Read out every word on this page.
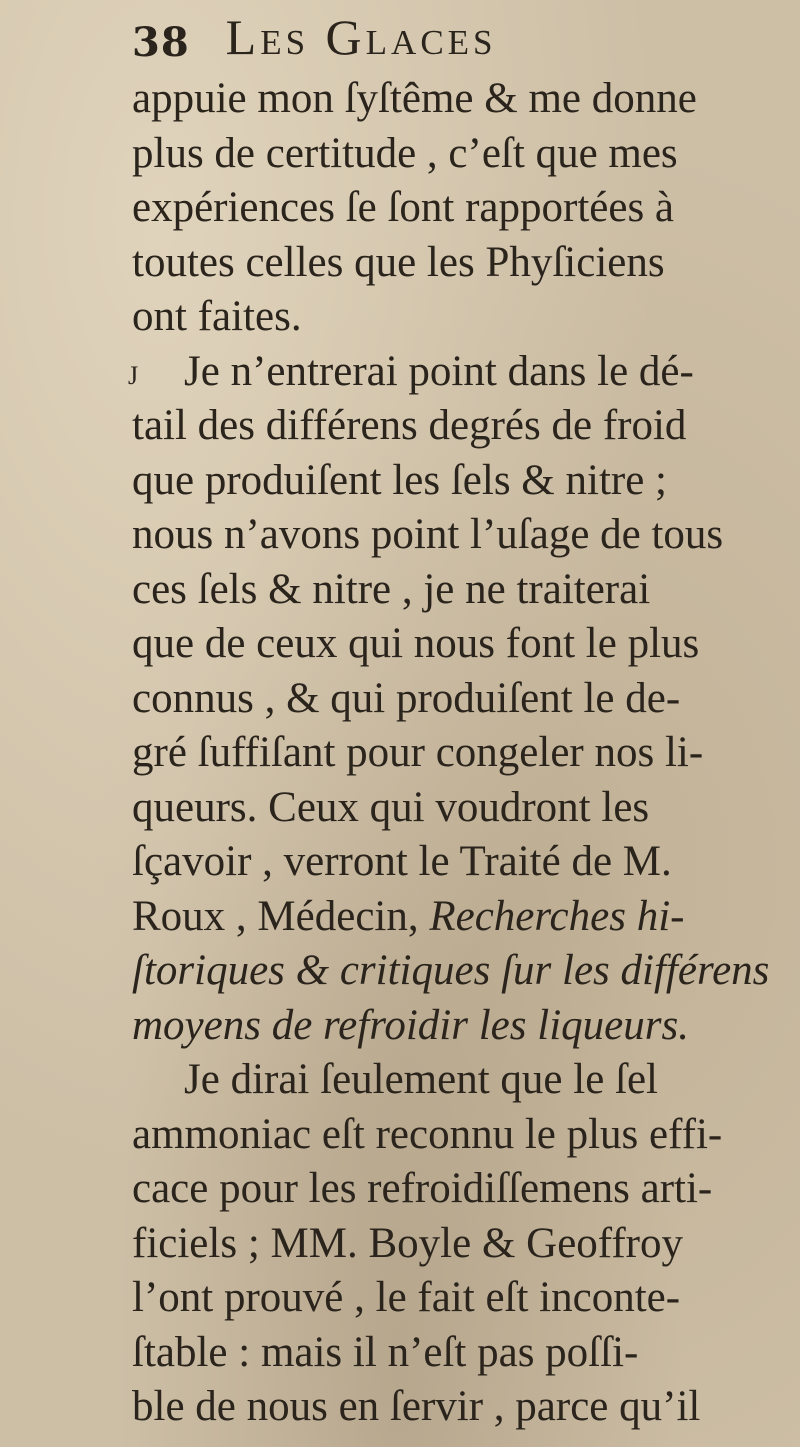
38 Les Glaces
appuie mon ſyſtême & me donne
plus de certitude , c’eſt que mes
expériences ſe ſont rapportées à
toutes celles que les Phyſiciens
ont faites.
J Je n’entrerai point dans le dé-
tail des différens degrés de froid
que produiſent les ſels & nitre ;
nous n’avons point l’uſage de tous
ces ſels & nitre , je ne traiterai
que de ceux qui nous font le plus
connus , & qui produiſent le de-
gré ſuffiſant pour congeler nos li-
queurs. Ceux qui voudront les
ſçavoir , verront le Traité de M.
Roux , Médecin, Recherches hi-
ſtoriques & critiques ſur les différens
moyens de refroidir les liqueurs.
Je dirai ſeulement que le ſel
ammoniac eſt reconnu le plus effi-
cace pour les refroidiſſemens arti-
ficiels ; MM. Boyle & Geoffroy
l’ont prouvé , le fait eſt inconte-
ſtable : mais il n’eſt pas poſſi-
ble de nous en ſervir , parce qu’il
